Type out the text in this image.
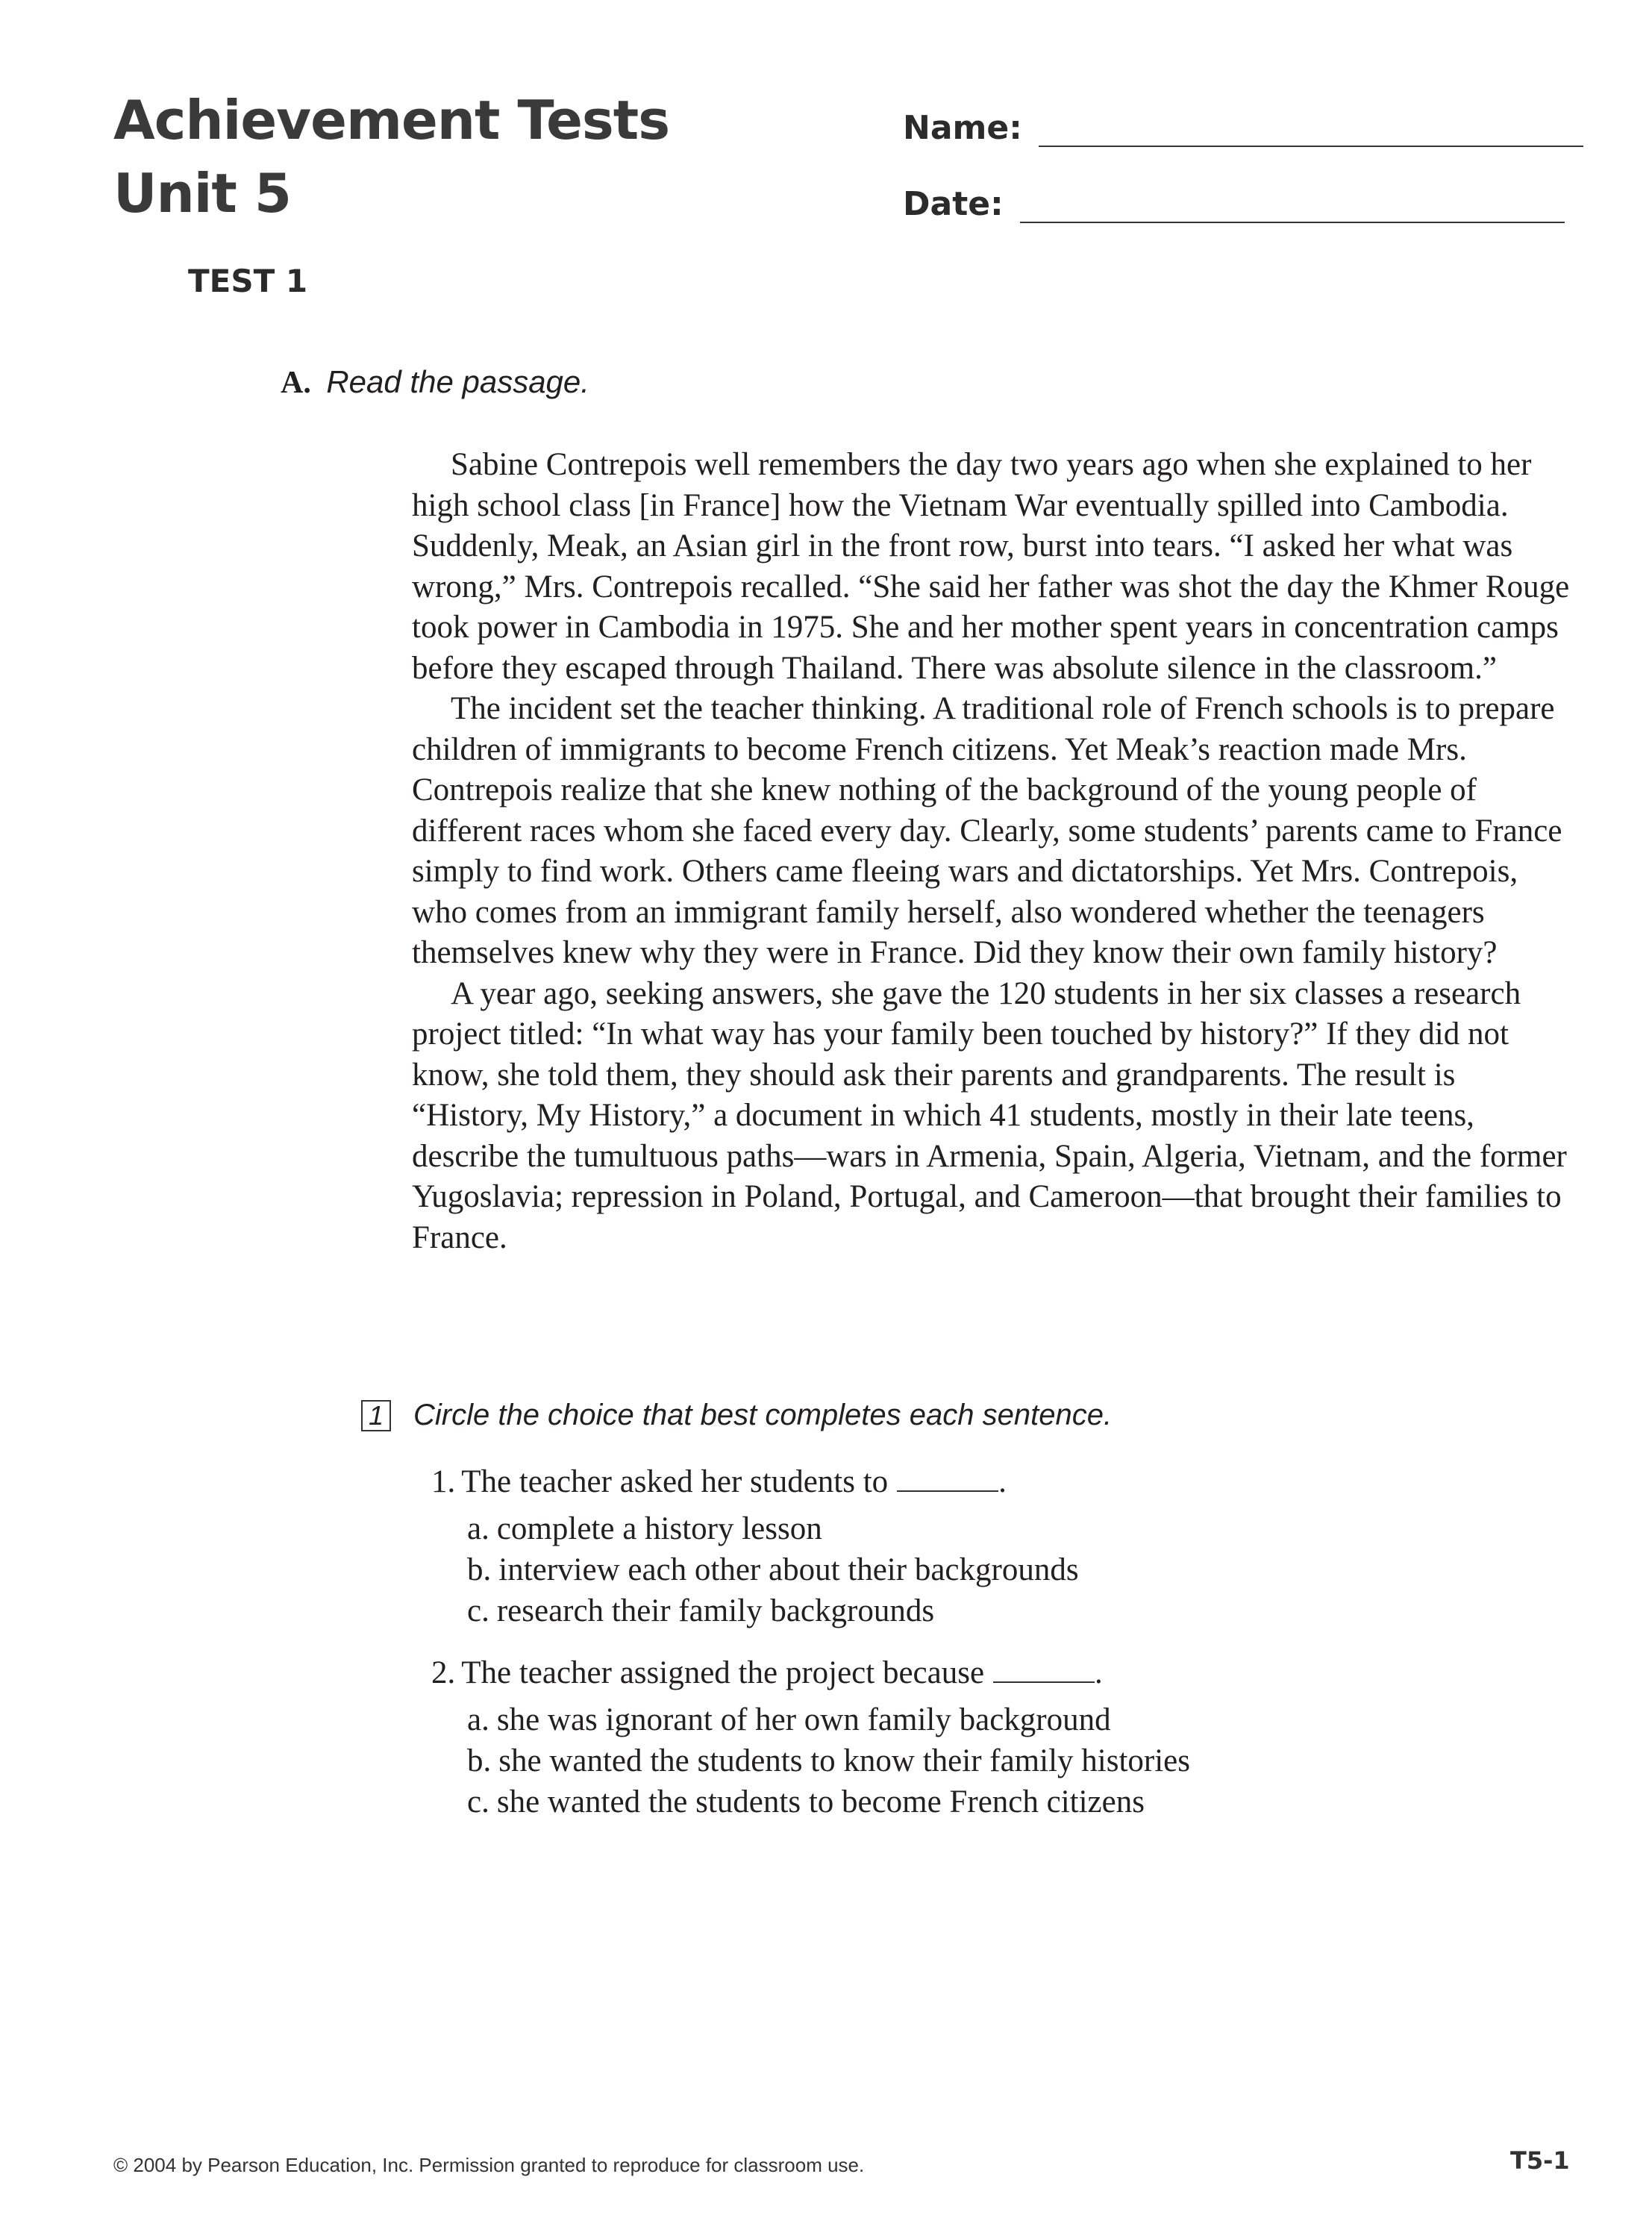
Achievement Tests
Unit 5
TEST 1
Name:
Date:
A. Read the passage.

Sabine Contrepois well remembers the day two years ago when she explained to her high school class [in France] how the Vietnam War eventually spilled into Cambodia. Suddenly, Meak, an Asian girl in the front row, burst into tears. “I asked her what was wrong,” Mrs. Contrepois recalled. “She said her father was shot the day the Khmer Rouge took power in Cambodia in 1975. She and her mother spent years in concentration camps before they escaped through Thailand. There was absolute silence in the classroom.”

The incident set the teacher thinking. A traditional role of French schools is to prepare children of immigrants to become French citizens. Yet Meak’s reaction made Mrs. Contrepois realize that she knew nothing of the background of the young people of different races whom she faced every day. Clearly, some students’ parents came to France simply to find work. Others came fleeing wars and dictatorships. Yet Mrs. Contrepois, who comes from an immigrant family herself, also wondered whether the teenagers themselves knew why they were in France. Did they know their own family history?

A year ago, seeking answers, she gave the 120 students in her six classes a research project titled: “In what way has your family been touched by history?” If they did not know, she told them, they should ask their parents and grandparents. The result is “History, My History,” a document in which 41 students, mostly in their late teens, describe the tumultuous paths—wars in Armenia, Spain, Algeria, Vietnam, and the former Yugoslavia; repression in Poland, Portugal, and Cameroon—that brought their families to France.

1 Circle the choice that best completes each sentence.
1. The teacher asked her students to	.
a. complete a history lesson
b. interview each other about their backgrounds
c. research their family backgrounds
2. The teacher assigned the project because	.
a. she was ignorant of her own family background
b. she wanted the students to know their family histories
c. she wanted the students to become French citizens
© 2004 by Pearson Education, Inc. Permission granted to reproduce for classroom use.	T5-1
